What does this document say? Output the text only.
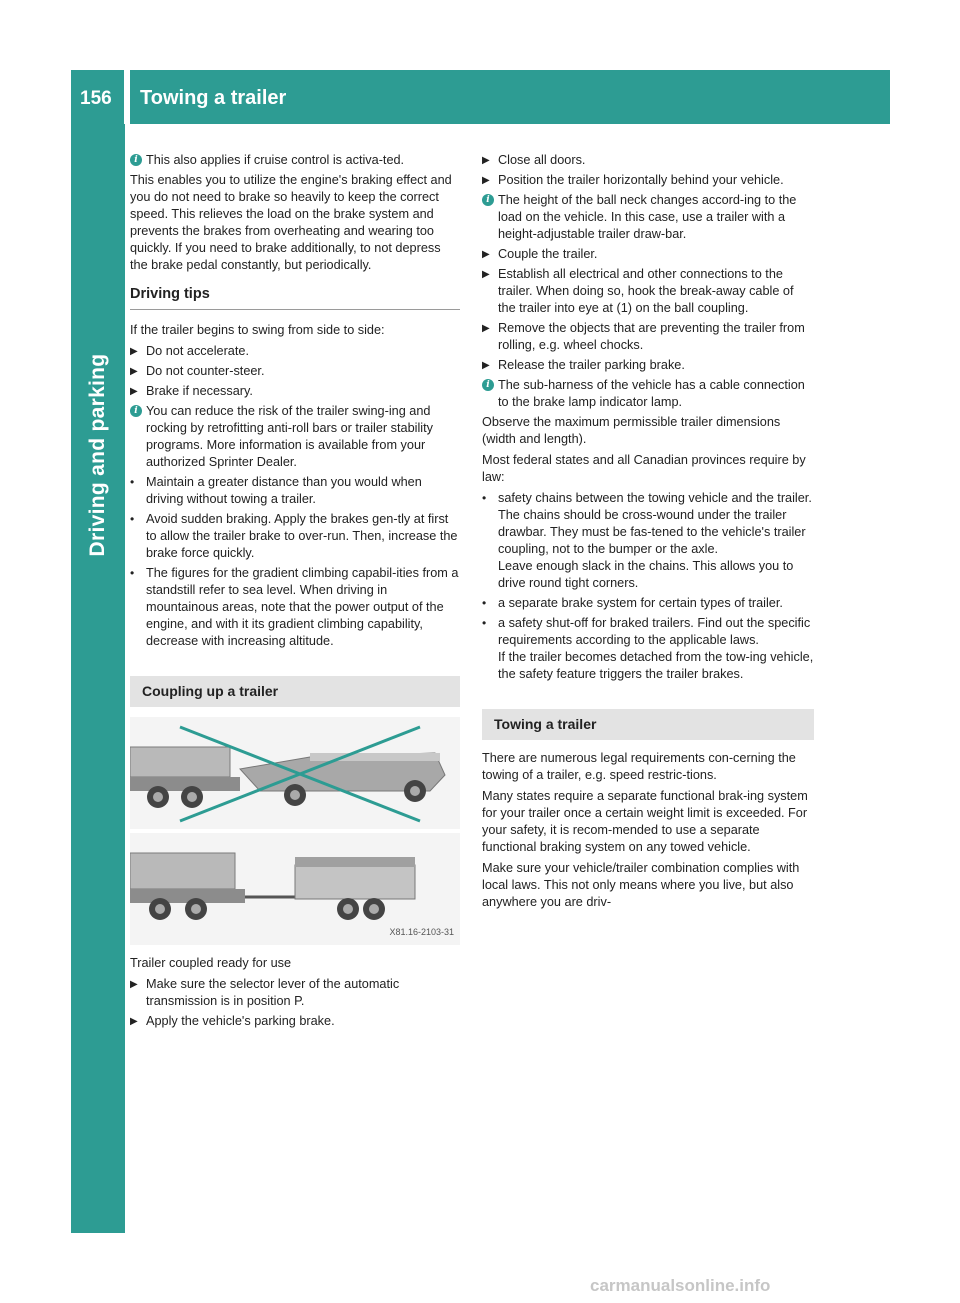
Driving and parking
156 Towing a trailer
i This also applies if cruise control is activa-ted.

This enables you to utilize the engine's braking effect and you do not need to brake so heavily to keep the correct speed. This relieves the load on the brake system and prevents the brakes from overheating and wearing too quickly. If you need to brake additionally, to not depress the brake pedal constantly, but periodically.

Driving tips

If the trailer begins to swing from side to side:

▶ Do not accelerate.
▶ Do not counter-steer.
▶ Brake if necessary.
i You can reduce the risk of the trailer swing-ing and rocking by retrofitting anti-roll bars or trailer stability programs. More information is available from your authorized Sprinter Dealer.
• Maintain a greater distance than you would when driving without towing a trailer.
• Avoid sudden braking. Apply the brakes gen-tly at first to allow the trailer brake to over-run. Then, increase the brake force quickly.
• The figures for the gradient climbing capabil-ities from a standstill refer to sea level. When driving in mountainous areas, note that the power output of the engine, and with it its gradient climbing capability, decrease with increasing altitude.
Coupling up a trailer
X81.16-2103-31

Trailer coupled ready for use

▶ Make sure the selector lever of the automatic transmission is in position P.
▶ Apply the vehicle's parking brake.
▶ Close all doors.
▶ Position the trailer horizontally behind your vehicle.
i The height of the ball neck changes accord-ing to the load on the vehicle. In this case, use a trailer with a height-adjustable trailer draw-bar.
▶ Couple the trailer.
▶ Establish all electrical and other connections to the trailer. When doing so, hook the break-away cable of the trailer into eye at (1) on the ball coupling.
▶ Remove the objects that are preventing the trailer from rolling, e.g. wheel chocks.
▶ Release the trailer parking brake.
i The sub-harness of the vehicle has a cable connection to the brake lamp indicator lamp.

Observe the maximum permissible trailer dimensions (width and length).

Most federal states and all Canadian provinces require by law:

• safety chains between the towing vehicle and the trailer. The chains should be cross-wound under the trailer drawbar. They must be fas-tened to the vehicle's trailer coupling, not to the bumper or the axle.
Leave enough slack in the chains. This allows you to drive round tight corners.
• a separate brake system for certain types of trailer.
• a safety shut-off for braked trailers. Find out the specific requirements according to the applicable laws.
If the trailer becomes detached from the tow-ing vehicle, the safety feature triggers the trailer brakes.
Towing a trailer

There are numerous legal requirements con-cerning the towing of a trailer, e.g. speed restric-tions.

Many states require a separate functional brak-ing system for your trailer once a certain weight limit is exceeded. For your safety, it is recom-mended to use a separate functional braking system on any towed vehicle.

Make sure your vehicle/trailer combination complies with local laws. This not only means where you live, but also anywhere you are driv-

carmanualsonline.info
